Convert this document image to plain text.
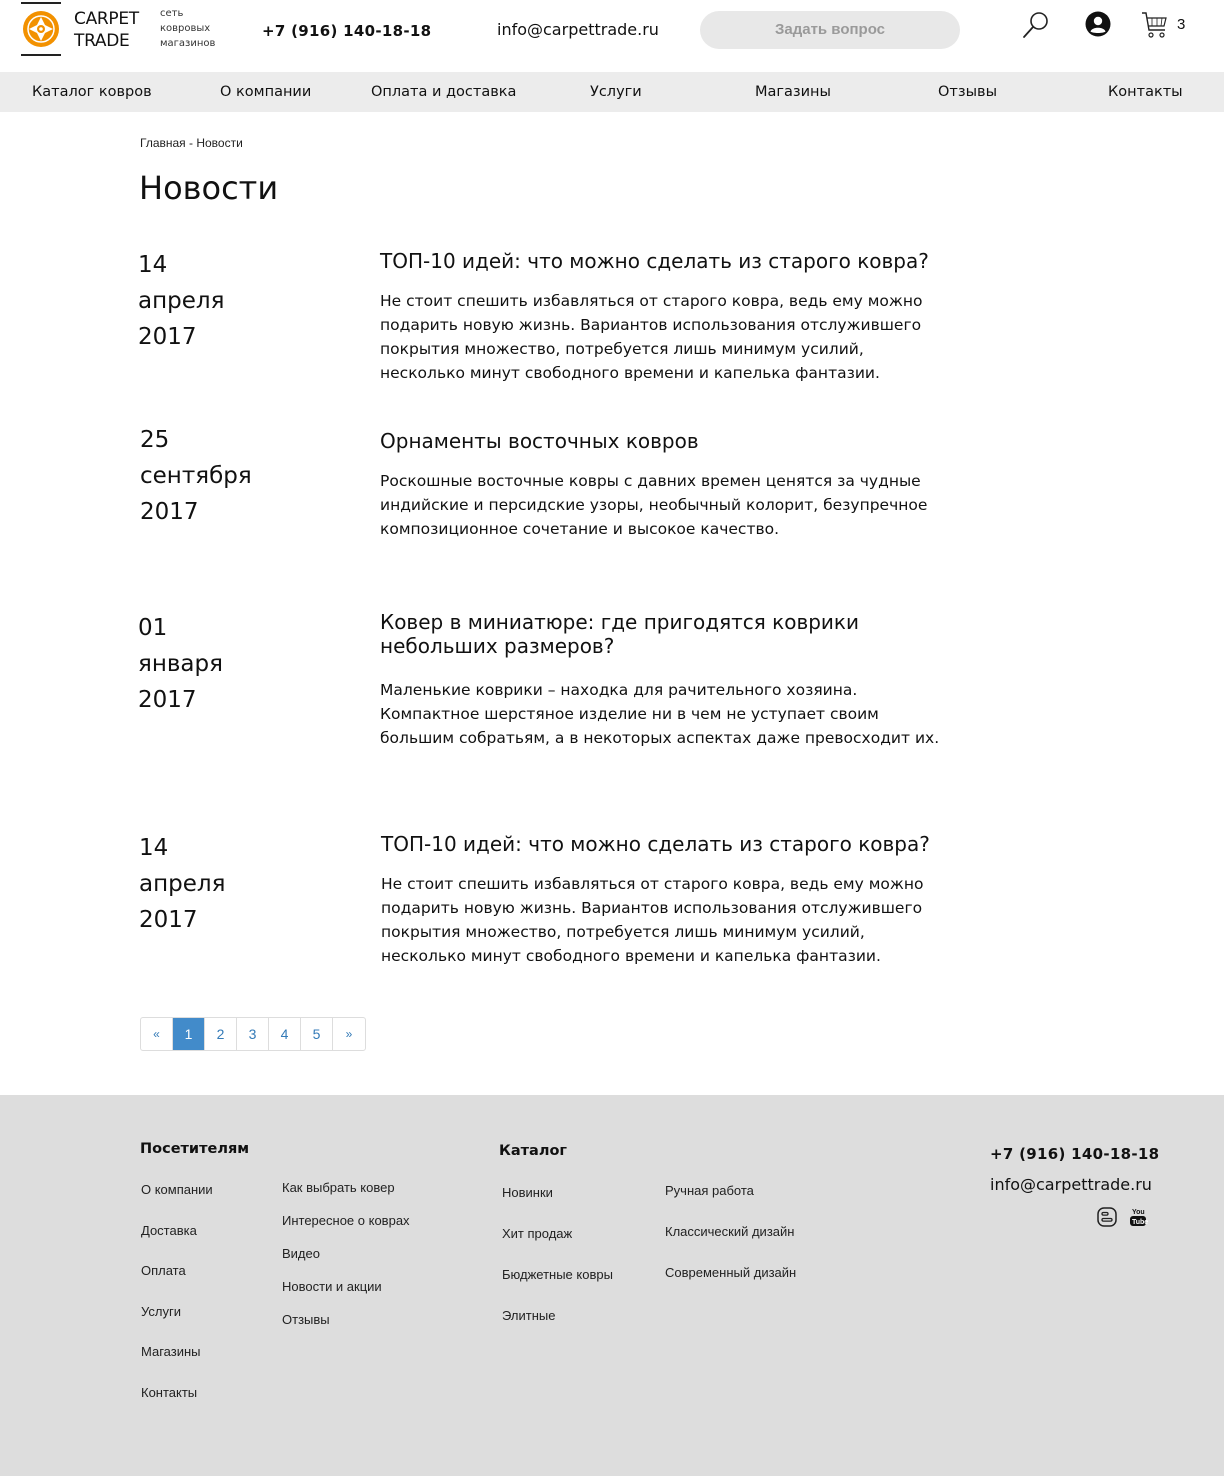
CARPET
TRADE
сеть
ковровых
магазинов
+7 (916) 140-18-18	info@carpettrade.ru	Задать вопрос	3
Каталог ковров	О компании	Оплата и доставка	Услуги	Магазины	Отзывы	Контакты
Главная - Новости
Новости
14
апреля
2017
ТОП-10 идей: что можно сделать из старого ковра?
Не стоит спешить избавляться от старого ковра, ведь ему можно подарить новую жизнь. Вариантов использования отслужившего покрытия множество, потребуется лишь минимум усилий, несколько минут свободного времени и капелька фантазии.
25
сентября
2017
Орнаменты восточных ковров
Роскошные восточные ковры с давних времен ценятся за чудные индийские и персидские узоры, необычный колорит, безупречное композиционное сочетание и высокое качество.
01
января
2017
Ковер в миниатюре: где пригодятся коврики небольших размеров?
Маленькие коврики – находка для рачительного хозяина. Компактное шерстяное изделие ни в чем не уступает своим большим собратьям, а в некоторых аспектах даже превосходит их.
14
апреля
2017
ТОП-10 идей: что можно сделать из старого ковра?
Не стоит спешить избавляться от старого ковра, ведь ему можно подарить новую жизнь. Вариантов использования отслужившего покрытия множество, потребуется лишь минимум усилий, несколько минут свободного времени и капелька фантазии.
«	1	2	3	4	5	»
Посетителям
О компании
Доставка
Оплата
Услуги
Магазины
Контакты
Как выбрать ковер
Интересное о коврах
Видео
Новости и акции
Отзывы
Каталог
Новинки
Хит продаж
Бюджетные ковры
Элитные
Ручная работа
Классический дизайн
Современный дизайн
+7 (916) 140-18-18
info@carpettrade.ru
You
Tube
